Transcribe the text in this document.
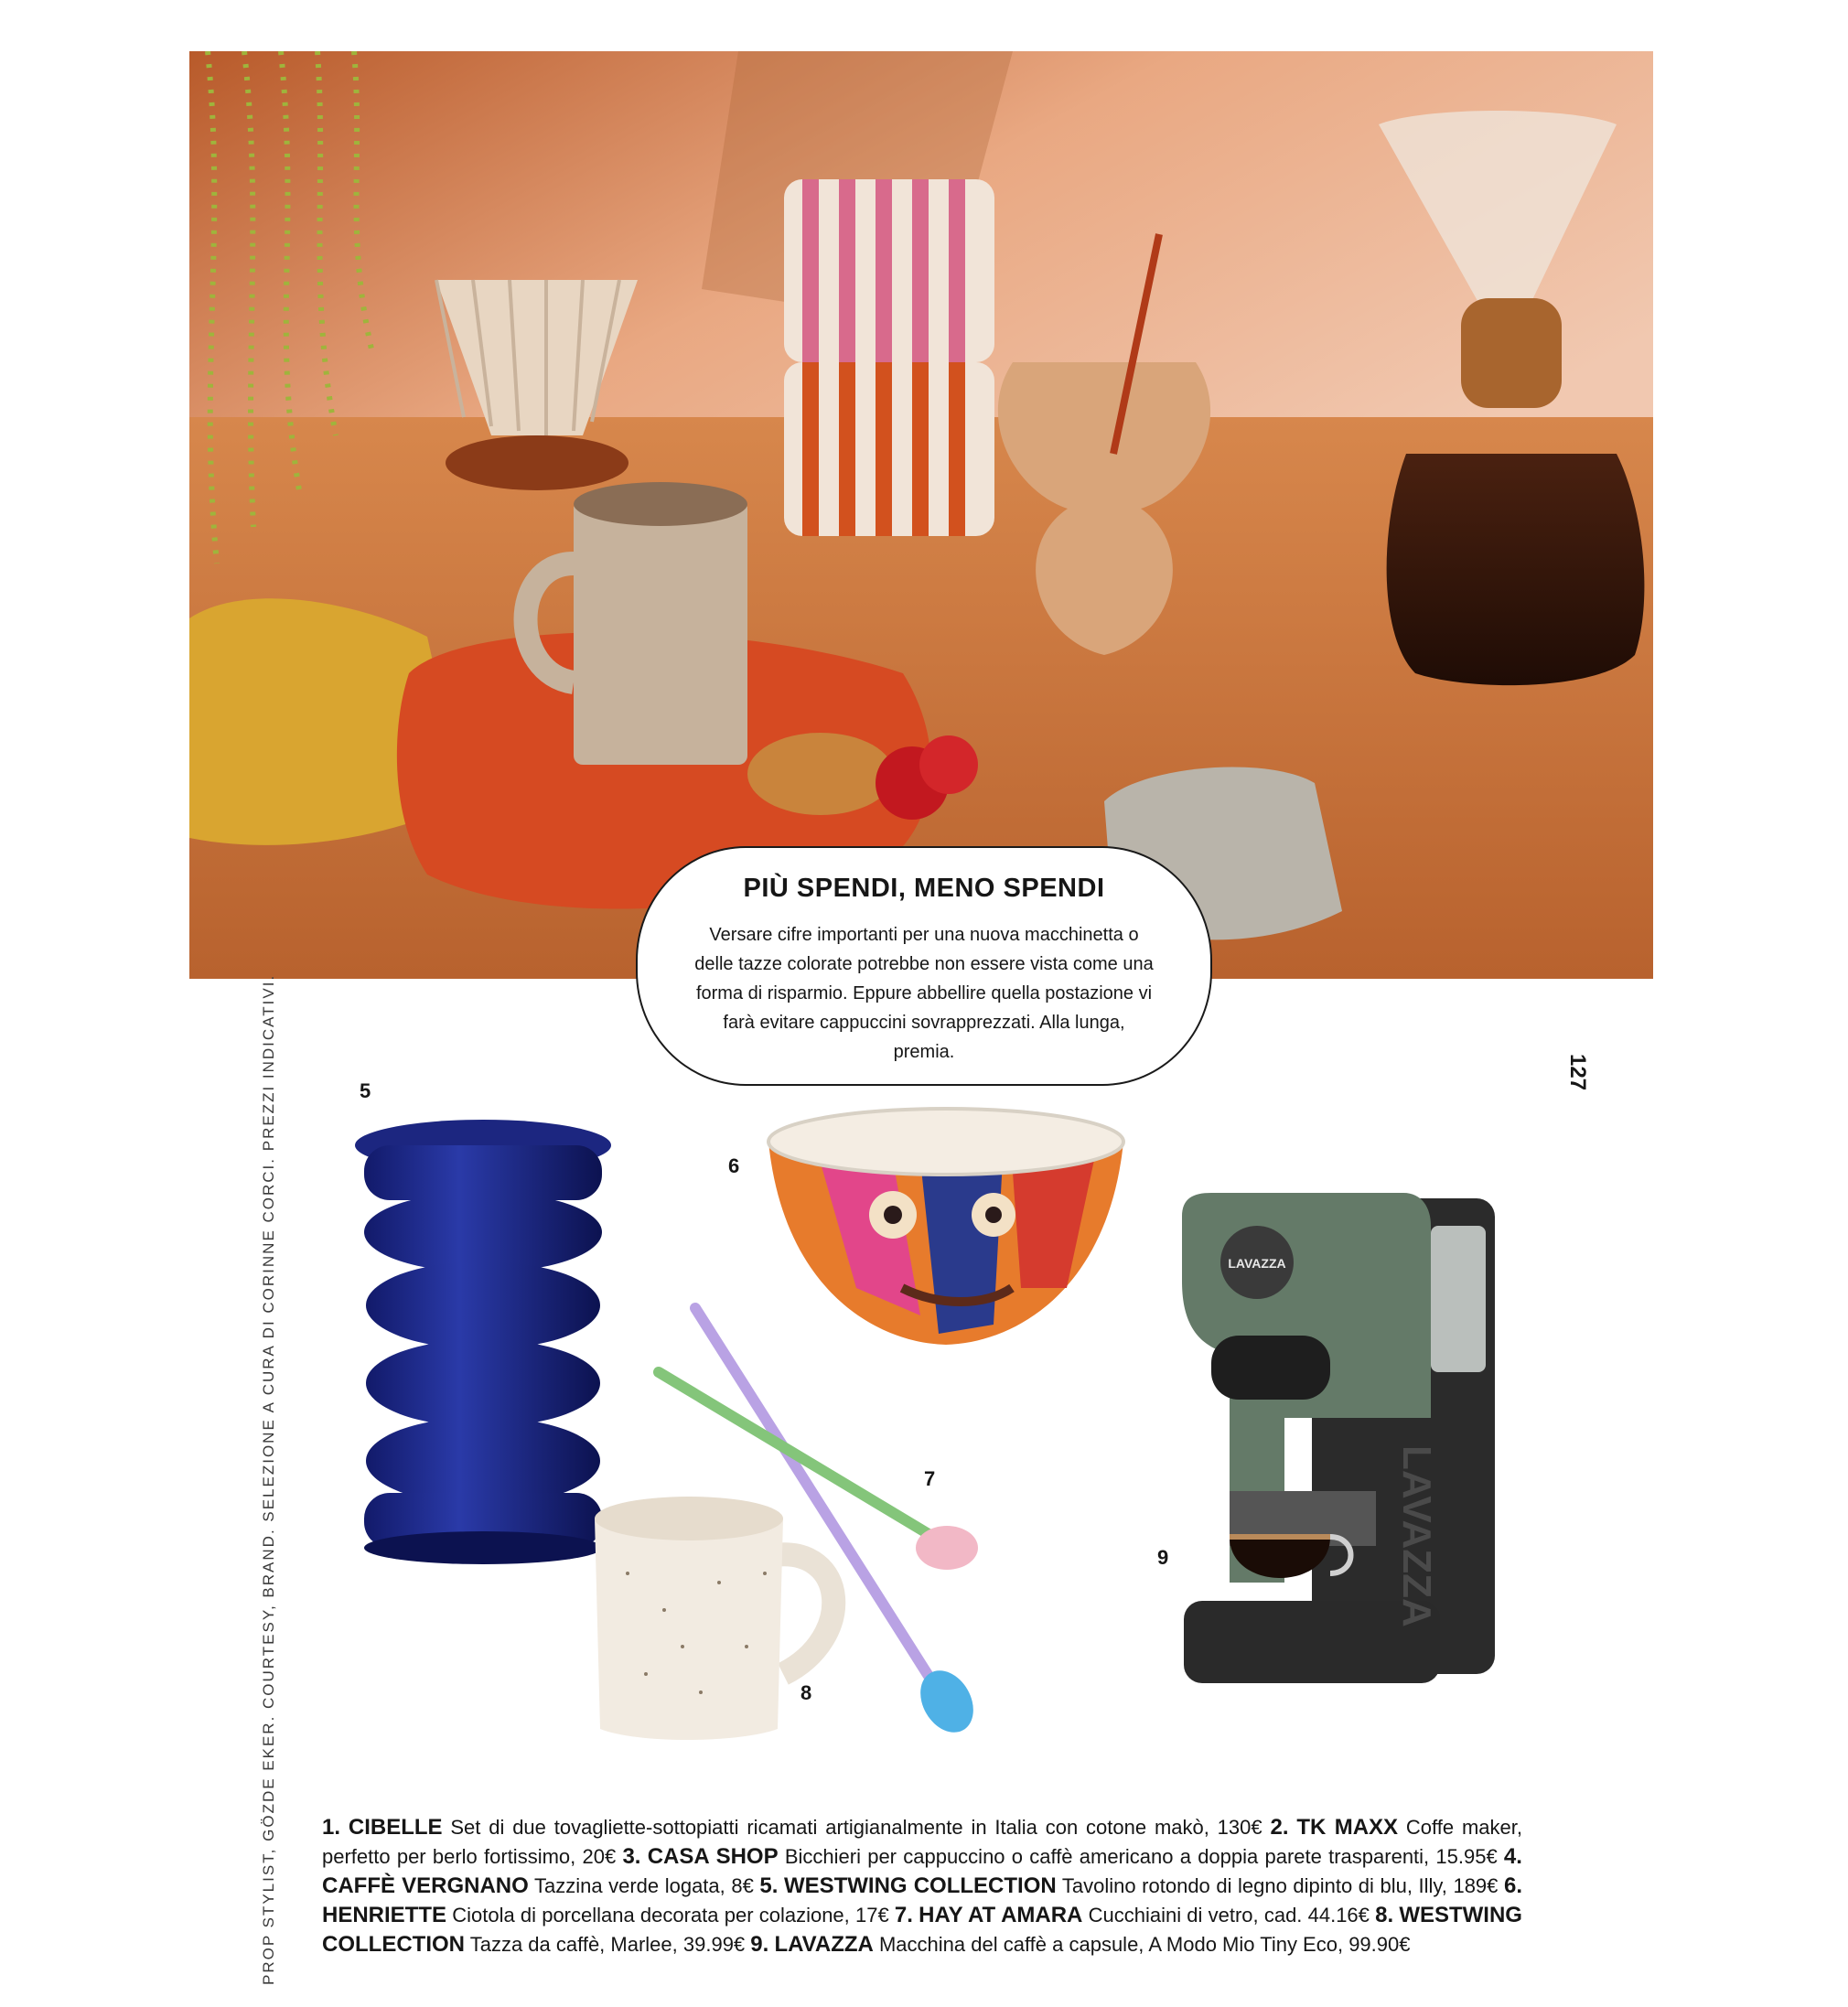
PIÙ SPENDI, MENO SPENDI
Versare cifre importanti per una nuova macchinetta o delle tazze colorate potrebbe non essere vista come una forma di risparmio. Eppure abbellire quella postazione vi farà evitare cappuccini sovrapprezzati. Alla lunga, premia.
PROP STYLIST, GÖZDE EKER. COURTESY, BRAND. SELEZIONE A CURA DI CORINNE CORCI. PREZZI INDICATIVI.	127
5
6
7
8
9
LAVAZZA
LAVAZZA
1. CIBELLE Set di due tovagliette-sottopiatti ricamati artigianalmente in Italia con cotone makò, 130€ 2. TK MAXX Coffe maker, perfetto per berlo fortissimo, 20€ 3. CASA SHOP Bicchieri per cappuccino o caffè americano a doppia parete trasparenti, 15.95€ 4. CAFFÈ VERGNANO Tazzina verde logata, 8€ 5. WESTWING COLLECTION Tavolino rotondo di legno dipinto di blu, Illy, 189€ 6. HENRIETTE Ciotola di porcellana decorata per colazione, 17€ 7. HAY AT AMARA Cucchiaini di vetro, cad. 44.16€ 8. WESTWING COLLECTION Tazza da caffè, Marlee, 39.99€ 9. LAVAZZA Macchina del caffè a capsule, A Modo Mio Tiny Eco, 99.90€
